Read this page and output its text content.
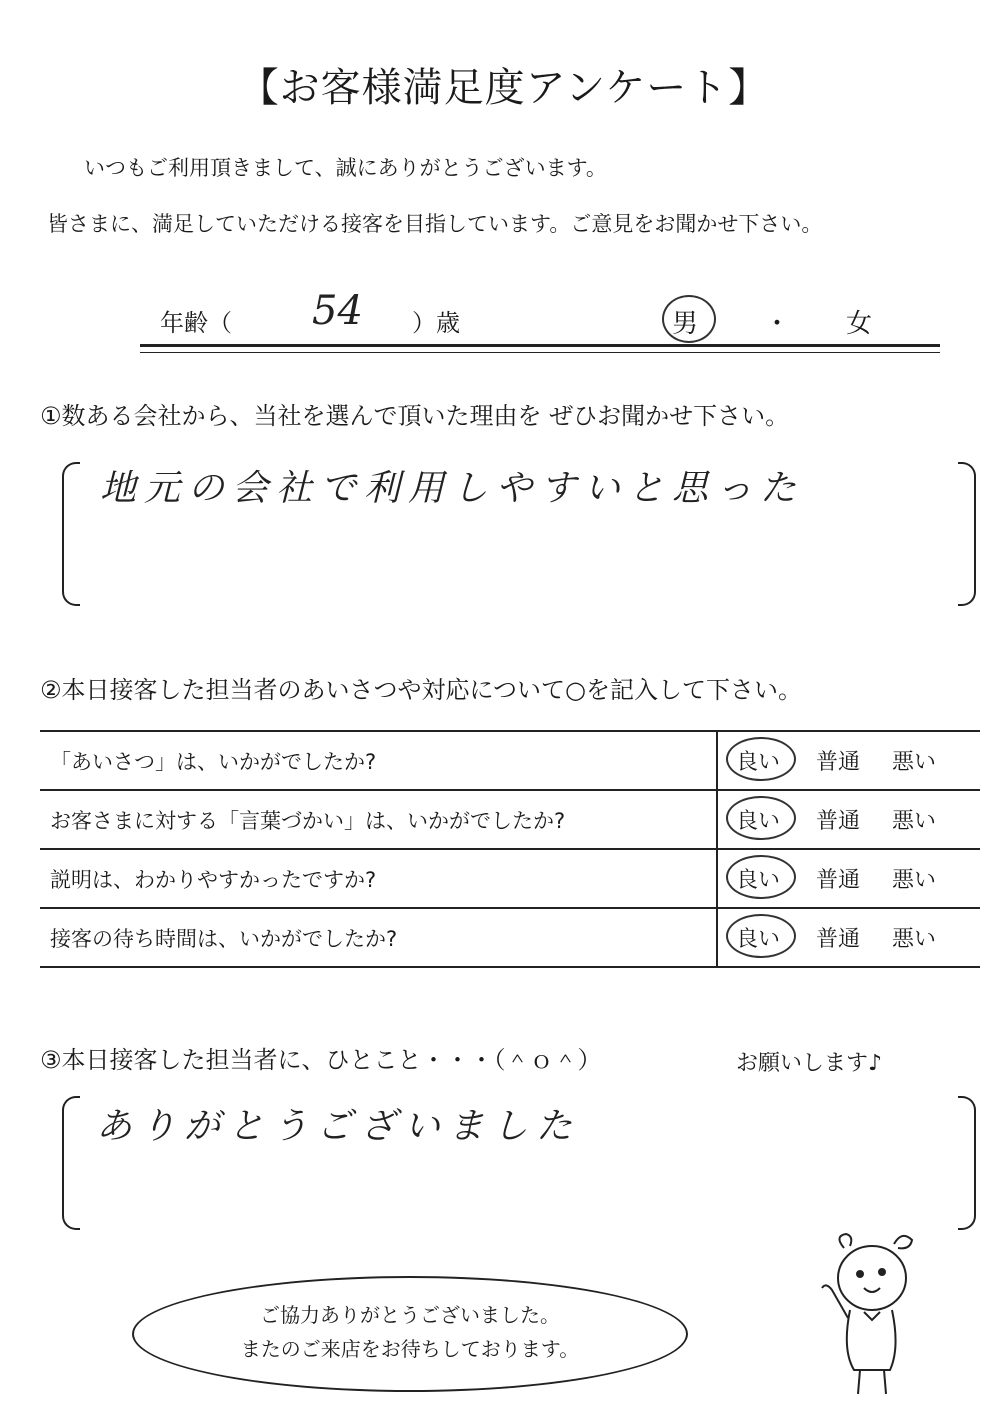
【お客様満足度アンケート】
いつもご利用頂きまして、誠にありがとうございます。
皆さまに、満足していただける接客を目指しています。ご意見をお聞かせ下さい。
年齢（ 54 ）歳	男	・ 女
①数ある会社から、当社を選んで頂いた理由を ぜひお聞かせ下さい。
地元の会社で利用しやすいと思った
②本日接客した担当者のあいさつや対応について○を記入して下さい。
「あいさつ」は、いかがでしたか?	良い 普通 悪い
お客さまに対する「言葉づかい」は、いかがでしたか?	良い 普通 悪い
説明は、わかりやすかったですか?	良い 普通 悪い
接客の待ち時間は、いかがでしたか?	良い 普通 悪い
③本日接客した担当者に、ひとこと・・・（＾ｏ＾）	お願いします♪
ありがとうございました
ご協力ありがとうございました。
またのご来店をお待ちしております。
